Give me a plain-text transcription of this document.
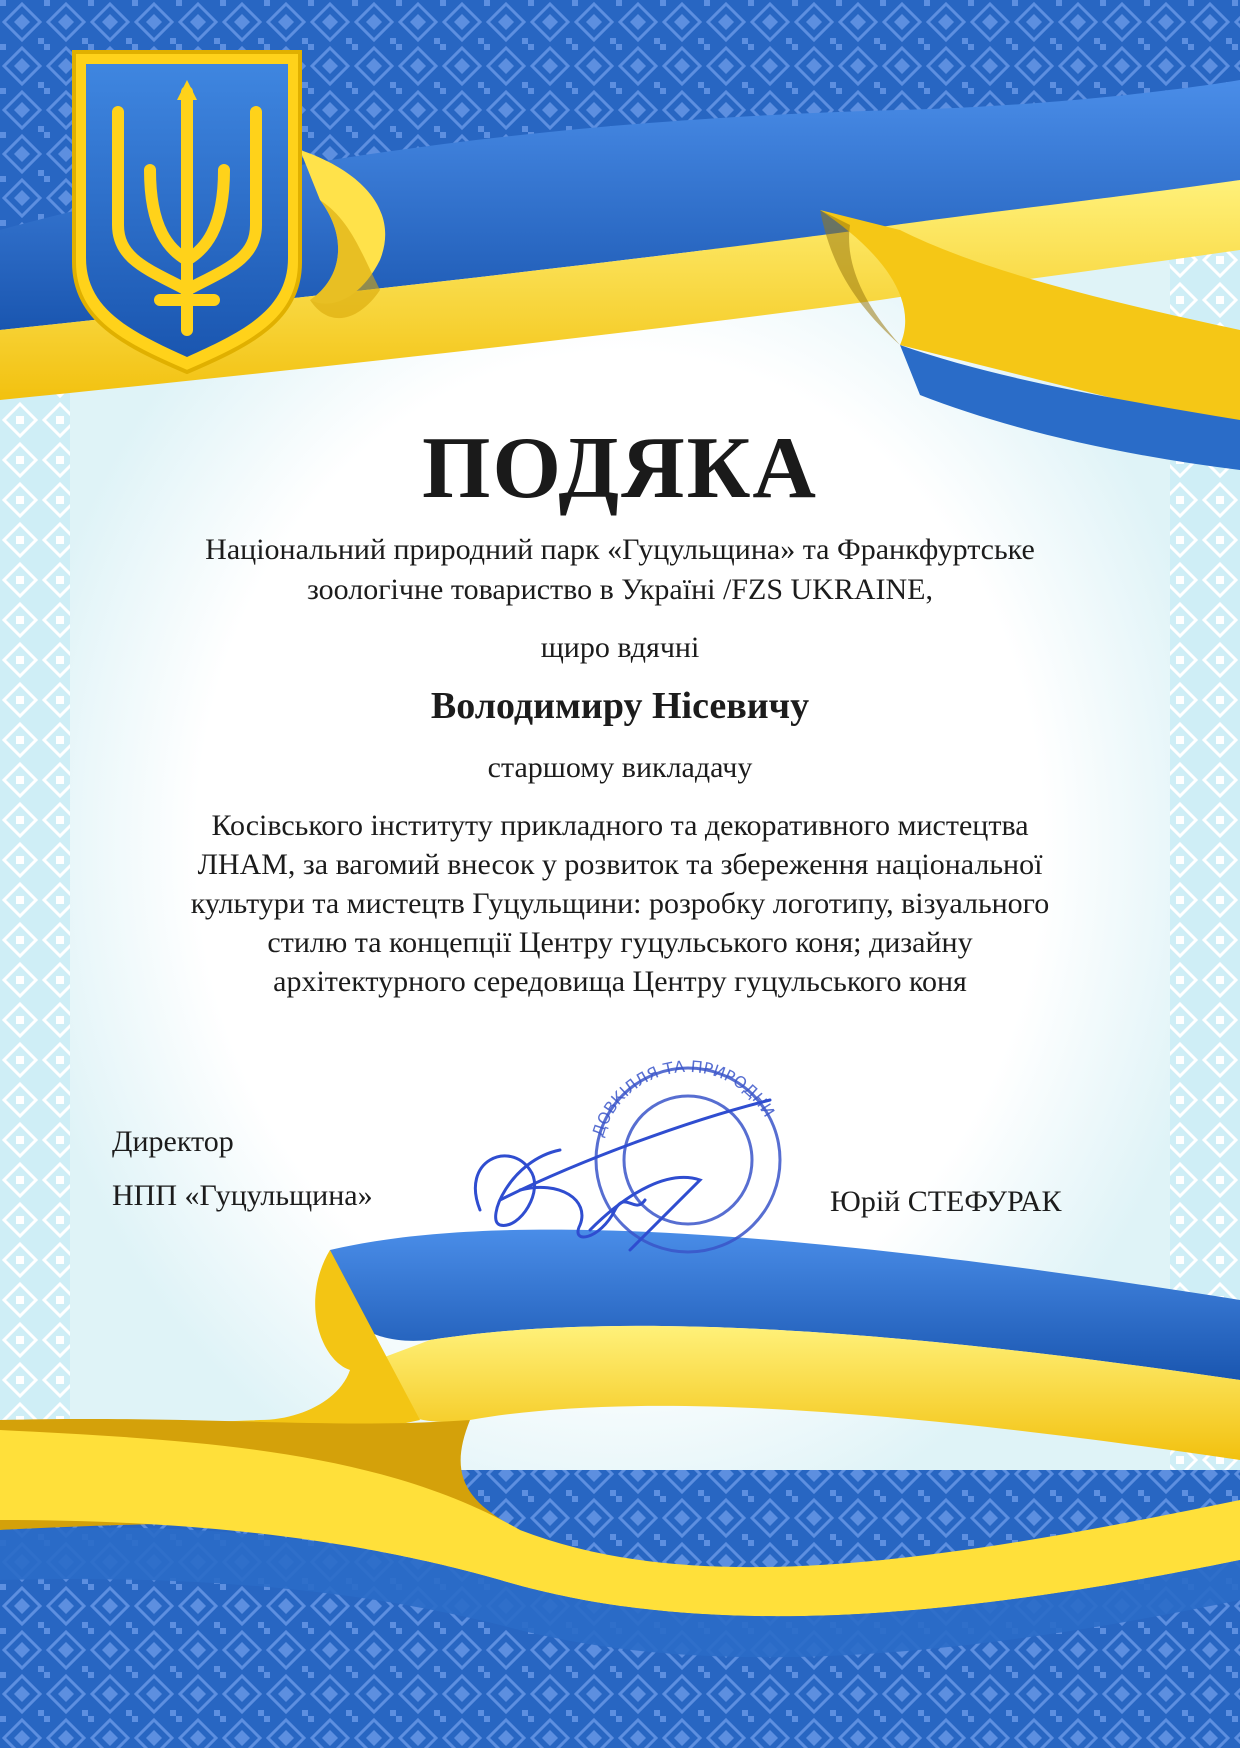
ПОДЯКА
Національний природний парк «Гуцульщина» та Франкфуртське
зоологічне товариство в Україні /FZS UKRAINE,
щиро вдячні
Володимиру Нісевичу
старшому викладачу
Косівського інституту прикладного та декоративного мистецтва
ЛНАМ, за вагомий внесок у розвиток та збереження національної
культури та мистецтв Гуцульщини: розробку логотипу, візуального
стилю та концепції Центру гуцульського коня; дизайну
архітектурного середовища Центру гуцульського коня
ДОВКІЛЛЯ ТА ПРИРОДНИ
Директор
НПП «Гуцульщина»	Юрій СТЕФУРАК
